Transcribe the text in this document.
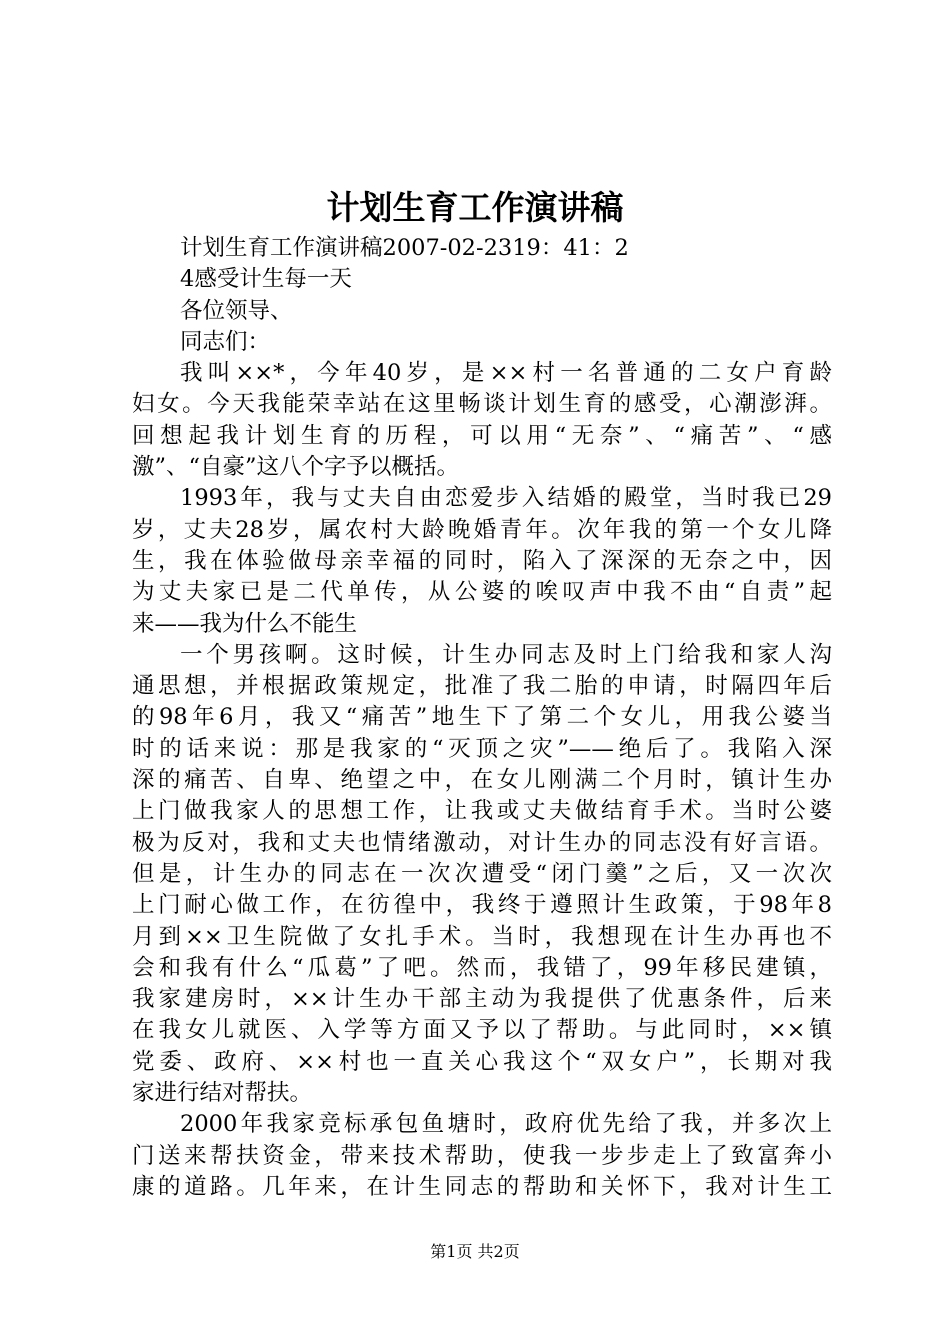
计划生育工作演讲稿
计划生育工作演讲稿2007-02-2319：41：2
4感受计生每一天
各位领导、
同志们：
我叫××*，今年40岁，是××村一名普通的二女户育龄
妇女。今天我能荣幸站在这里畅谈计划生育的感受，心潮澎湃。
回想起我计划生育的历程，可以用“无奈”、“痛苦”、“感
激”、“自豪”这八个字予以概括。
1993年，我与丈夫自由恋爱步入结婚的殿堂，当时我已29
岁，丈夫28岁，属农村大龄晚婚青年。次年我的第一个女儿降
生，我在体验做母亲幸福的同时，陷入了深深的无奈之中，因
为丈夫家已是二代单传，从公婆的唉叹声中我不由“自责”起
来——我为什么不能生
一个男孩啊。这时候，计生办同志及时上门给我和家人沟
通思想，并根据政策规定，批准了我二胎的申请，时隔四年后
的98年6月，我又“痛苦”地生下了第二个女儿，用我公婆当
时的话来说：那是我家的“灭顶之灾”——绝后了。我陷入深
深的痛苦、自卑、绝望之中，在女儿刚满二个月时，镇计生办
上门做我家人的思想工作，让我或丈夫做结育手术。当时公婆
极为反对，我和丈夫也情绪激动，对计生办的同志没有好言语。
但是，计生办的同志在一次次遭受“闭门羹”之后，又一次次
上门耐心做工作，在彷徨中，我终于遵照计生政策，于98年8
月到××卫生院做了女扎手术。当时，我想现在计生办再也不
会和我有什么“瓜葛”了吧。然而，我错了，99年移民建镇，
我家建房时，××计生办干部主动为我提供了优惠条件，后来
在我女儿就医、入学等方面又予以了帮助。与此同时，××镇
党委、政府、××村也一直关心我这个“双女户”，长期对我
家进行结对帮扶。
2000年我家竞标承包鱼塘时，政府优先给了我，并多次上
门送来帮扶资金，带来技术帮助，使我一步步走上了致富奔小
康的道路。几年来，在计生同志的帮助和关怀下，我对计生工
第1页 共2页
